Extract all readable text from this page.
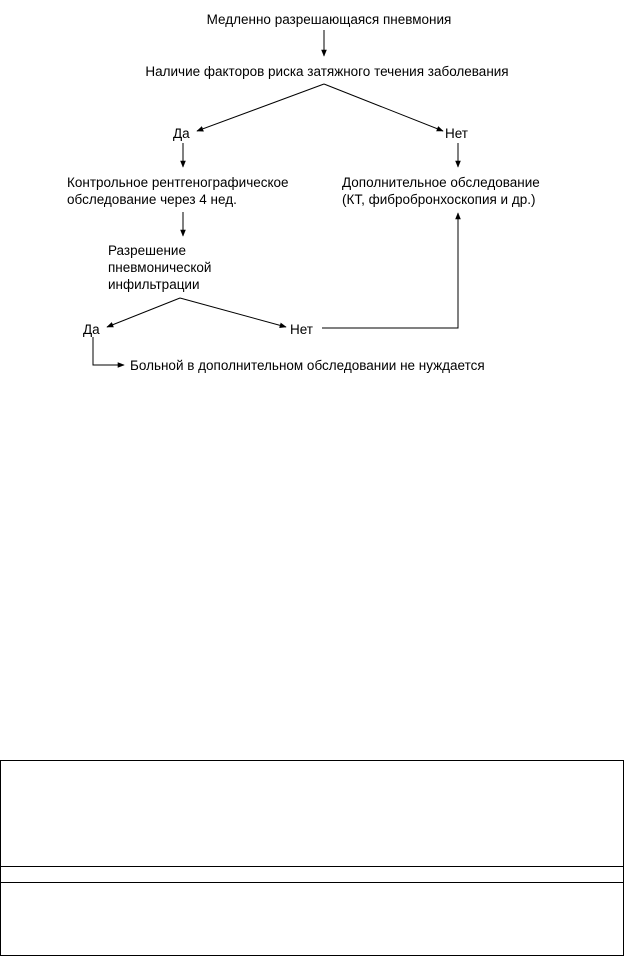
Медленно разрешающаяся пневмония

Наличие факторов риска затяжного течения заболевания

Да	Нет

Контрольное рентгенографическое
обследование через 4 нед.
Дополнительное обследование
(КТ, фибробронхоскопия и др.)
Разрешение
пневмонической
инфильтрации

Да	Нет

Больной в дополнительном обследовании не нуждается
